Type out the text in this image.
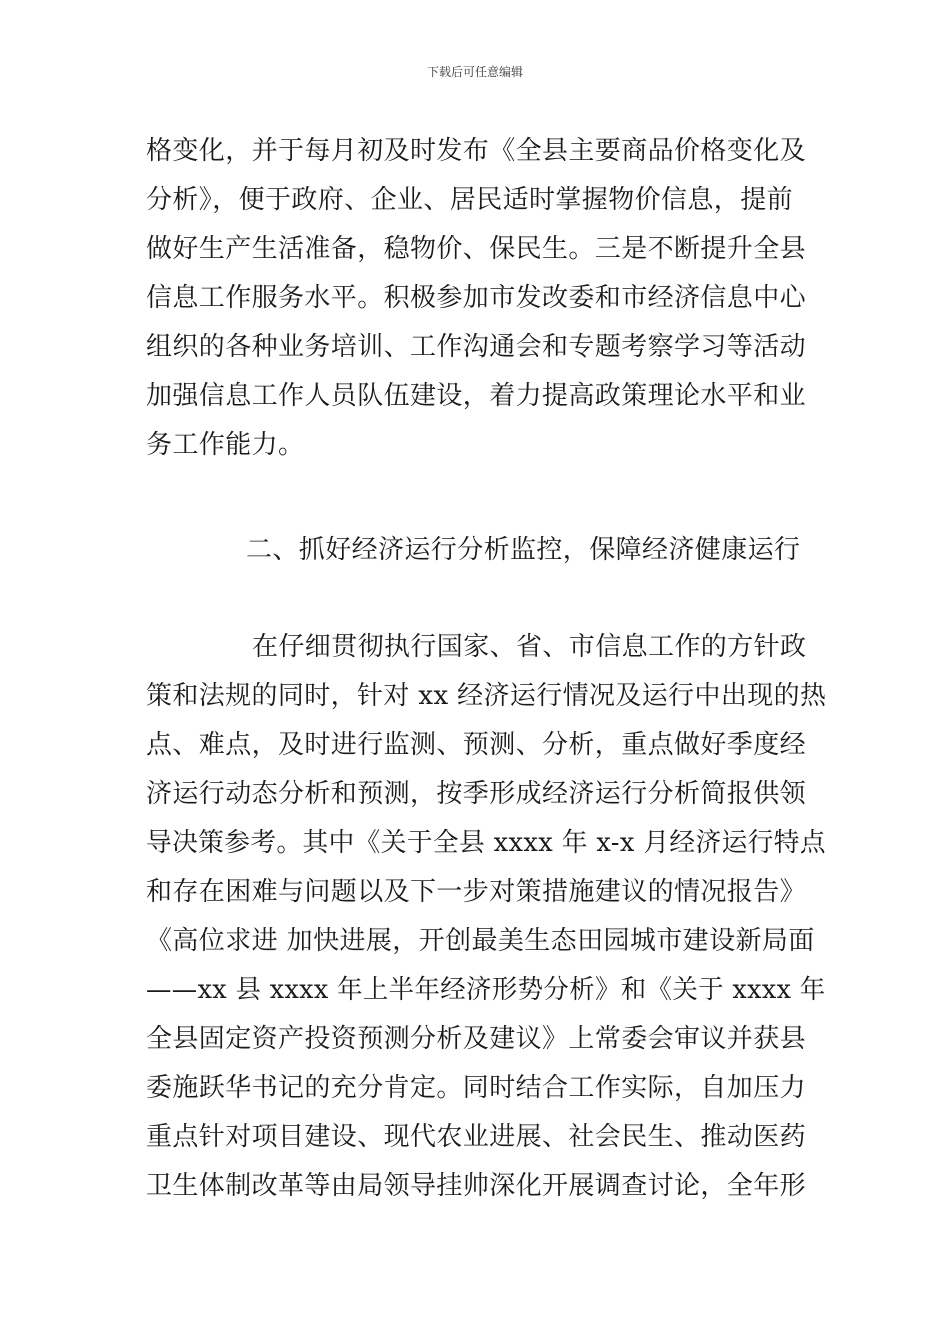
下载后可任意编辑
格变化，并于每月初及时发布《全县主要商品价格变化及
分析》，便于政府、企业、居民适时掌握物价信息，提前
做好生产生活准备，稳物价、保民生。三是不断提升全县
信息工作服务水平。积极参加市发改委和市经济信息中心
组织的各种业务培训、工作沟通会和专题考察学习等活动
加强信息工作人员队伍建设，着力提高政策理论水平和业
务工作能力。
二、抓好经济运行分析监控，保障经济健康运行
在仔细贯彻执行国家、省、市信息工作的方针政
策和法规的同时，针对 xx 经济运行情况及运行中出现的热
点、难点，及时进行监测、预测、分析，重点做好季度经
济运行动态分析和预测，按季形成经济运行分析简报供领
导决策参考。其中《关于全县 xxxx 年 x-x 月经济运行特点
和存在困难与问题以及下一步对策措施建议的情况报告》
《高位求进 加快进展，开创最美生态田园城市建设新局面
——xx 县 xxxx 年上半年经济形势分析》和《关于 xxxx 年
全县固定资产投资预测分析及建议》上常委会审议并获县
委施跃华书记的充分肯定。同时结合工作实际，自加压力
重点针对项目建设、现代农业进展、社会民生、推动医药
卫生体制改革等由局领导挂帅深化开展调查讨论，全年形
